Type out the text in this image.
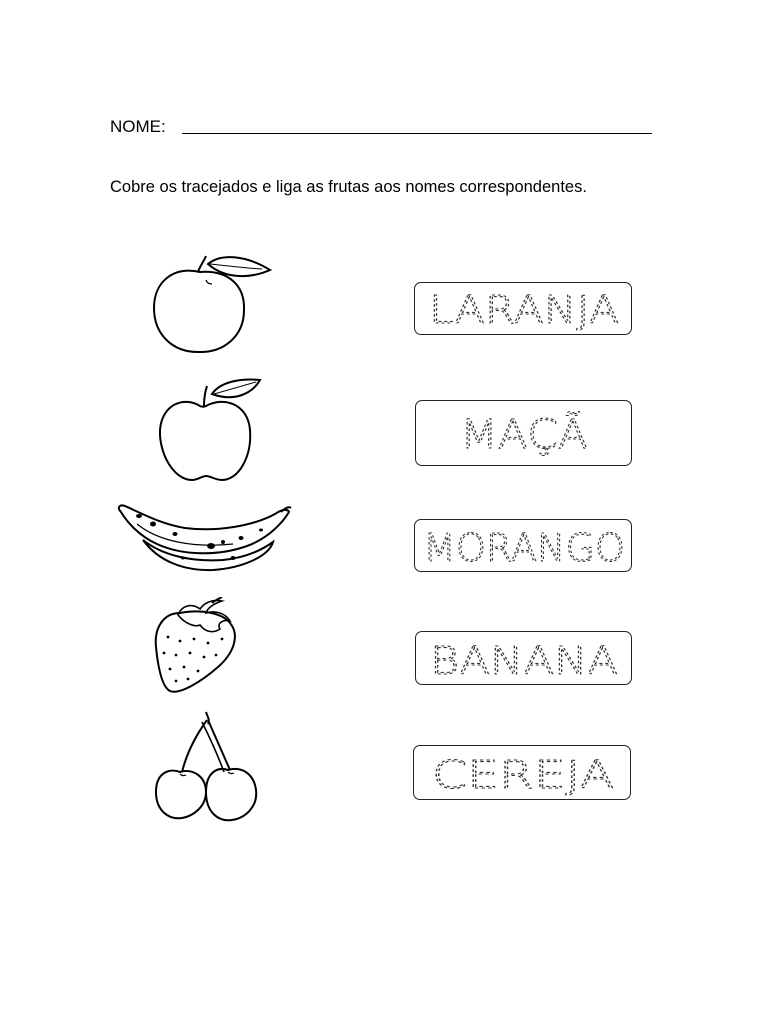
NOME:
Cobre os tracejados e liga as frutas aos nomes correspondentes.
LARANJA
MAÇÃ
MORANGO
BANANA
CEREJA
